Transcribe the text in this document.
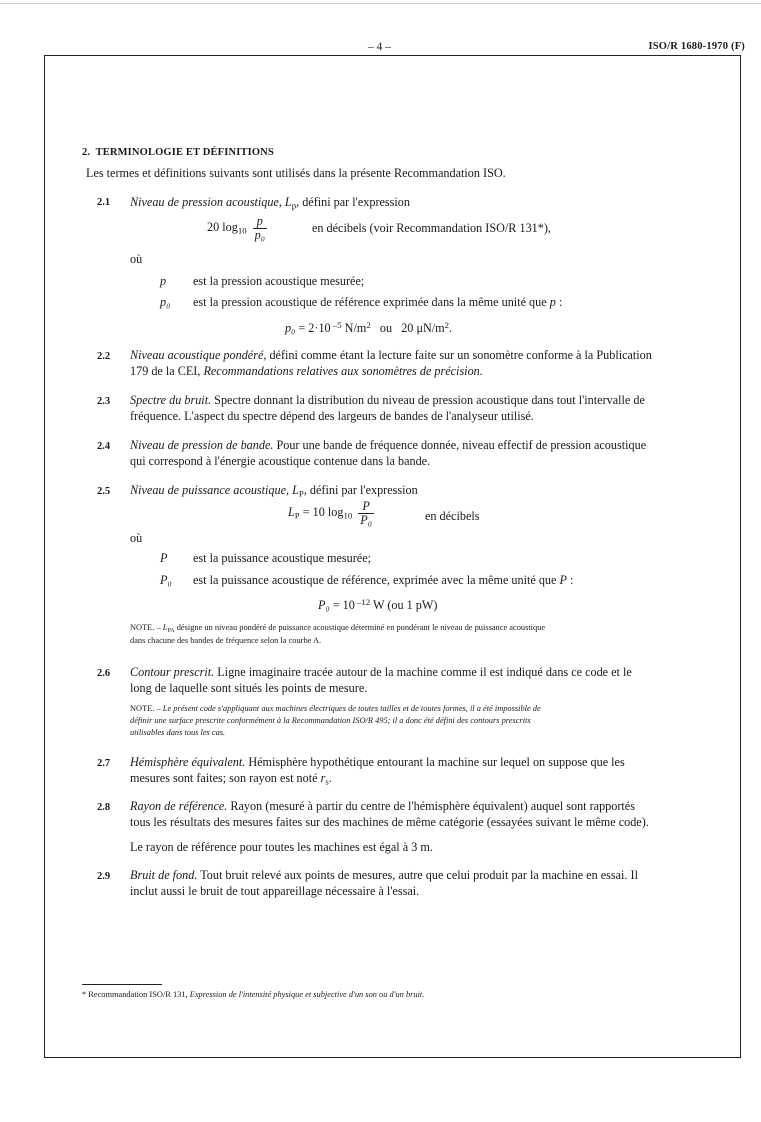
– 4 –	ISO/R 1680-1970 (F)
2. TERMINOLOGIE ET DÉFINITIONS
Les termes et définitions suivants sont utilisés dans la présente Recommandation ISO.
2.1 Niveau de pression acoustique, $L_p$, défini par l'expression
20 $\log_{10} \frac{p}{\text{p₀}}$	en décibels (voir Recommandation ISO/R 131*),
où
p est la pression acoustique mesurée;
p₀ est la pression acoustique de référence exprimée dans la même unité que p :
p₀ = 2·10 $^{-5}$ $N/m^2$ ou 20 $\mu N/m^2$.
2.2 Niveau acoustique pondéré, défini comme étant la lecture faite sur un sonomètre conforme à la Publication
179 de la CEI, Recommandations relatives aux sonomètres de précision.
2.3 Spectre du bruit. Spectre donnant la distribution du niveau de pression acoustique dans tout l'intervalle de
fréquence. L'aspect du spectre dépend des largeurs de bandes de l'analyseur utilisé.
2.4 Niveau de pression de bande. Pour une bande de fréquence donnée, niveau effectif de pression acoustique
qui correspond à l'énergie acoustique contenue dans la bande.
2.5 Niveau de puissance acoustique, $L_P$, défini par l'expression
$L_P = 10$ $\log_{10} \frac{P}{\text{P₀}}$	en décibels
où
P est la puissance acoustique mesurée;
P₀ est la puissance acoustique de référence, exprimée avec la même unité que P :
P₀ = 10 $^{-12}$ W (ou 1 pW)
NOTE. – $L_{PA}$ désigne un niveau pondéré de puissance acoustique déterminé en pondérant le niveau de puissance acoustique
dans chacune des bandes de fréquence selon la courbe A.
2.6 Contour prescrit. Ligne imaginaire tracée autour de la machine comme il est indiqué dans ce code et le
long de laquelle sont situés les points de mesure.
NOTE. – Le présent code s'appliquant aux machines électriques de toutes tailles et de toutes formes, il a été impossible de
définir une surface prescrite conformément à la Recommandation ISO/R 495; il a donc été défini des contours prescrits
utilisables dans tous les cas.
2.7 Hémisphère équivalent. Hémisphère hypothétique entourant la machine sur lequel on suppose que les
mesures sont faites; son rayon est noté $r_s$.
2.8 Rayon de référence. Rayon (mesuré à partir du centre de l'hémisphère équivalent) auquel sont rapportés
tous les résultats des mesures faites sur des machines de même catégorie (essayées suivant le même code).
Le rayon de référence pour toutes les machines est égal à 3 m.
2.9 Bruit de fond. Tout bruit relevé aux points de mesures, autre que celui produit par la machine en essai. Il
inclut aussi le bruit de tout appareillage nécessaire à l'essai.
* Recommandation ISO/R 131, Expression de l'intensité physique et subjective d'un son ou d'un bruit.
